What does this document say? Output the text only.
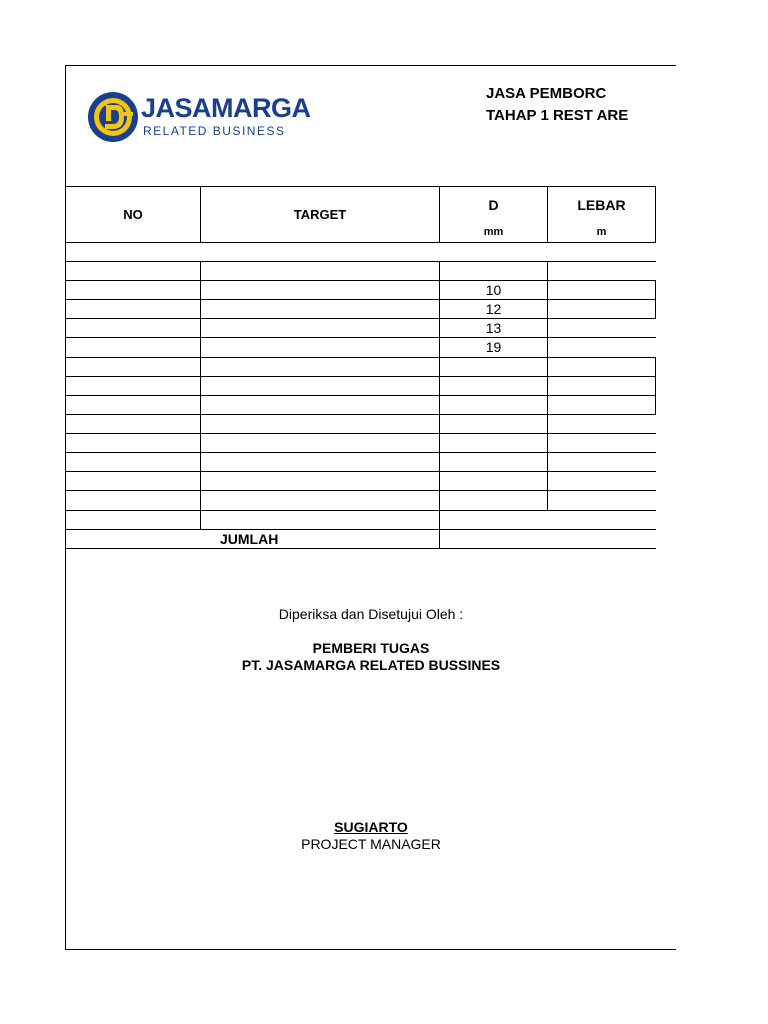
JASAMARGA
RELATED BUSINESS
JASA PEMBORC
TAHAP 1 REST ARE
NO	TARGET
D
mm
LEBAR
m
10
12
13
19
JUMLAH
Diperiksa dan Disetujui Oleh :
PEMBERI TUGAS
PT. JASAMARGA RELATED BUSSINES
SUGIARTO
PROJECT MANAGER
